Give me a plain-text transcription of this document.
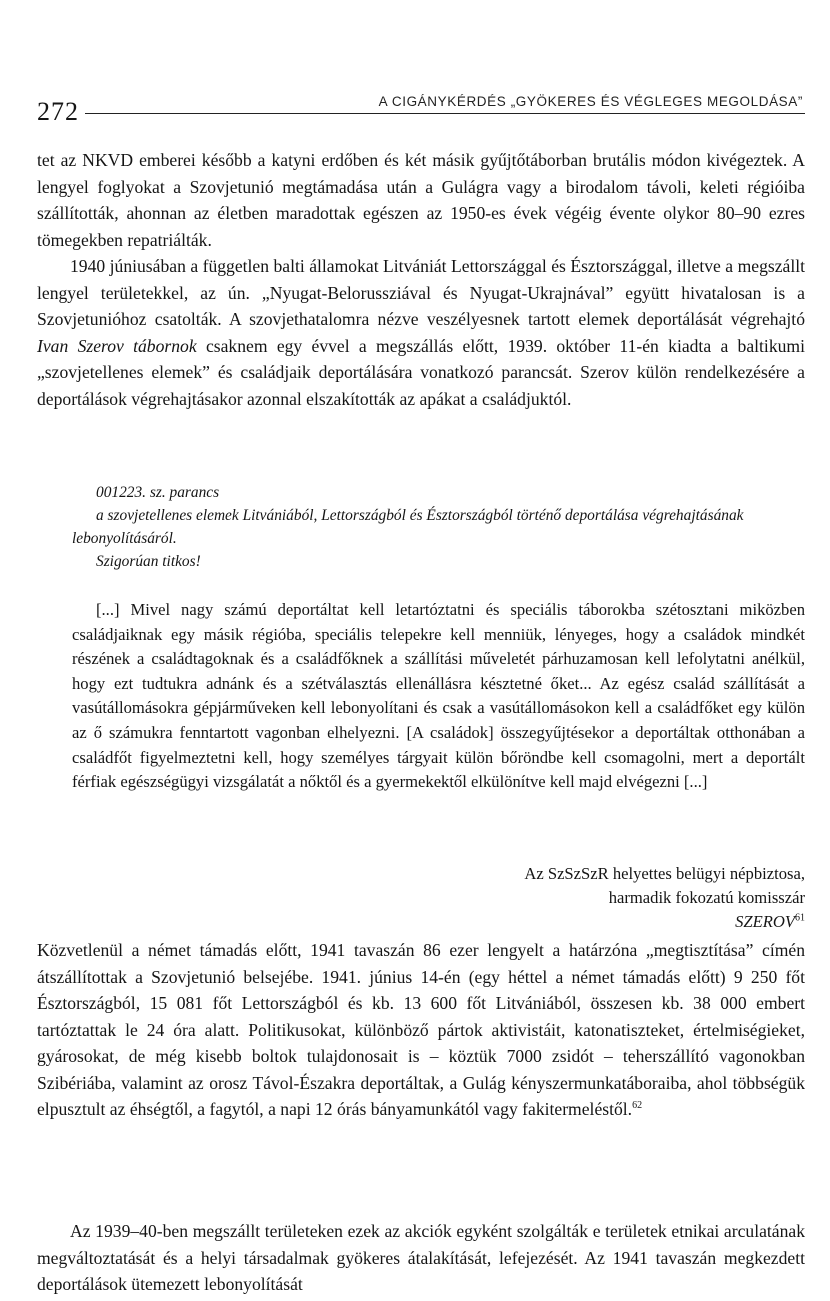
272	A CIGÁNYKÉRDÉS „GYÖKERES ÉS VÉGLEGES MEGOLDÁSA”

tet az NKVD emberei később a katyni erdőben és két másik gyűjtőtáborban brutális módon kivégeztek. A lengyel foglyokat a Szovjetunió megtámadása után a Gulágra vagy a birodalom távoli, keleti régióiba szállították, ahonnan az életben maradottak egészen az 1950-es évek végéig évente olykor 80–90 ezres tömegekben repatriálták.

1940 júniusában a független balti államokat Litvániát Lettországgal és Észtországgal, illetve a megszállt lengyel területekkel, az ún. „Nyugat-Belorussziával és Nyugat-Ukrajnával” együtt hivatalosan is a Szovjetunióhoz csatolták. A szovjethatalomra nézve veszélyesnek tartott elemek deportálását végrehajtó Ivan Szerov tábornok csaknem egy évvel a megszállás előtt, 1939. október 11-én kiadta a baltikumi „szovjetellenes elemek” és családjaik deportálására vonatkozó parancsát. Szerov külön rendelkezésére a deportálások végrehajtásakor azonnal elszakították az apákat a családjuktól.

001223. sz. parancs
a szovjetellenes elemek Litvániából, Lettországból és Észtországból történő deportálása végrehajtásának lebonyolításáról.
Szigorúan titkos!

[...] Mivel nagy számú deportáltat kell letartóztatni és speciális táborokba szétosztani miközben családjaiknak egy másik régióba, speciális telepekre kell menniük, lényeges, hogy a családok mindkét részének a családtagoknak és a családfőknek a szállítási műveletét párhuzamosan kell lefolytatni anélkül, hogy ezt tudtukra adnánk és a szétválasztás ellenállásra késztetné őket... Az egész család szállítását a vasútállomásokra gépjárműveken kell lebonyolítani és csak a vasútállomásokon kell a családfőket egy külön az ő számukra fenntartott vagonban elhelyezni. [A családok] összegyűjtésekor a deportáltak otthonában a családfőt figyelmeztetni kell, hogy személyes tárgyait külön bőröndbe kell csomagolni, mert a deportált férfiak egészségügyi vizsgálatát a nőktől és a gyermekektől elkülönítve kell majd elvégezni [...]

Az SzSzSzR helyettes belügyi népbiztosa,
harmadik fokozatú komisszár
SZEROV$^{61}$

Közvetlenül a német támadás előtt, 1941 tavaszán 86 ezer lengyelt a határzóna „megtisztítása” címén átszállítottak a Szovjetunió belsejébe. 1941. június 14-én (egy héttel a német támadás előtt) 9 250 főt Észtországból, 15 081 főt Lettországból és kb. 13 600 főt Litvániából, összesen kb. 38 000 embert tartóztattak le 24 óra alatt. Politikusokat, különböző pártok aktivistáit, katonatiszteket, értelmiségieket, gyárosokat, de még kisebb boltok tulajdonosait is – köztük 7000 zsidót – teherszállító vagonokban Szibériába, valamint az orosz Távol-Északra deportáltak, a Gulág kényszermunkatáboraiba, ahol többségük elpusztult az éhségtől, a fagytól, a napi 12 órás bányamunkától vagy fakitermeléstől.$^{62}$

Az 1939–40-ben megszállt területeken ezek az akciók egyként szolgálták e területek etnikai arculatának megváltoztatását és a helyi társadalmak gyökeres átalakítását, lefejezését. Az 1941 tavaszán megkezdett deportálások ütemezett lebonyolítását
